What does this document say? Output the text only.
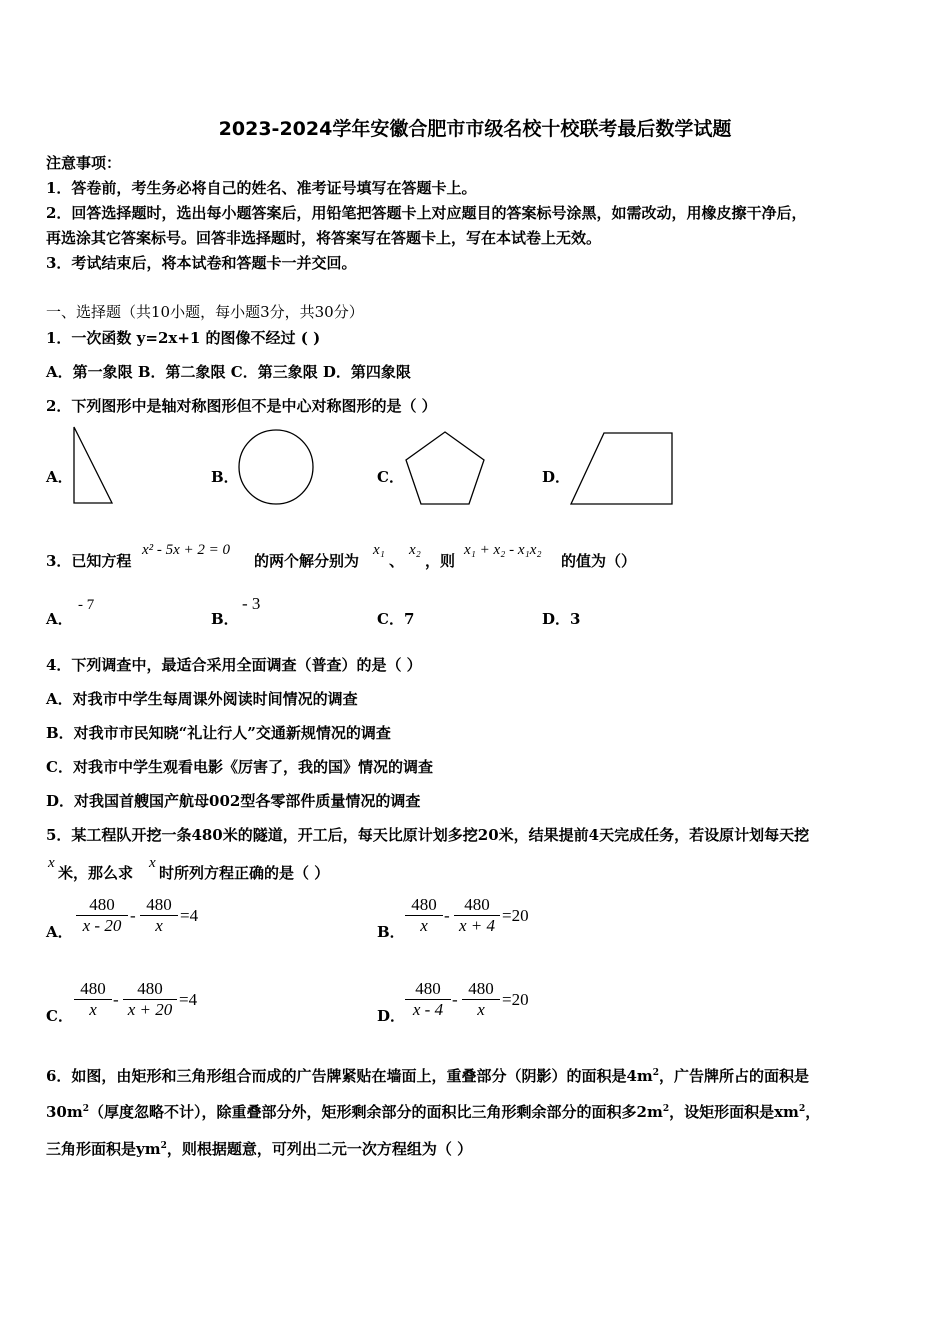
2023-2024学年安徽合肥市市级名校十校联考最后数学试题
注意事项：
1．答卷前，考生务必将自己的姓名、准考证号填写在答题卡上。
2．回答选择题时，选出每小题答案后，用铅笔把答题卡上对应题目的答案标号涂黑，如需改动，用橡皮擦干净后，
再选涂其它答案标号。回答非选择题时，将答案写在答题卡上，写在本试卷上无效。
3．考试结束后，将本试卷和答题卡一并交回。
一、选择题（共10小题，每小题3分，共30分）
1．一次函数 y=2x+1 的图像不经过 ( )
A．第一象限 B．第二象限 C．第三象限 D．第四象限
2．下列图形中是轴对称图形但不是中心对称图形的是（ ）
A．	B．	C．	D．
3．已知方程
x² - 5x + 2 = 0
的两个解分别为
x₁
、
x₂
，则
x₁ + x₂ - x₁x₂
的值为（）
A．
- 7
B．
- 3
C．7	D．3
4．下列调查中，最适合采用全面调查（普查）的是（ ）
A．对我市中学生每周课外阅读时间情况的调查
B．对我市市民知晓“礼让行人”交通新规情况的调查
C．对我市中学生观看电影《厉害了，我的国》情况的调查
D．对我国首艘国产航母002型各零部件质量情况的调查
5．某工程队开挖一条480米的隧道，开工后，每天比原计划多挖20米，结果提前4天完成任务，若设原计划每天挖
x
米，那么求
x
时所列方程正确的是（ ）
A． $\frac{480}{x - 20} - \frac{480}{x} =4$
B． $\frac{480}{x} - \frac{480}{x + 4} =20$
C． $\frac{480}{x} - \frac{480}{x + 20} =4$
D． $\frac{480}{x - 4} - \frac{480}{x} =20$
6．如图，由矩形和三角形组合而成的广告牌紧贴在墙面上，重叠部分（阴影）的面积是$4m^2$，广告牌所占的面积是
$30m^2$（厚度忽略不计），除重叠部分外，矩形剩余部分的面积比三角形剩余部分的面积多$2m^2$，设矩形面积是$xm^2$，
三角形面积是$ym^2$，则根据题意，可列出二元一次方程组为（ ）
